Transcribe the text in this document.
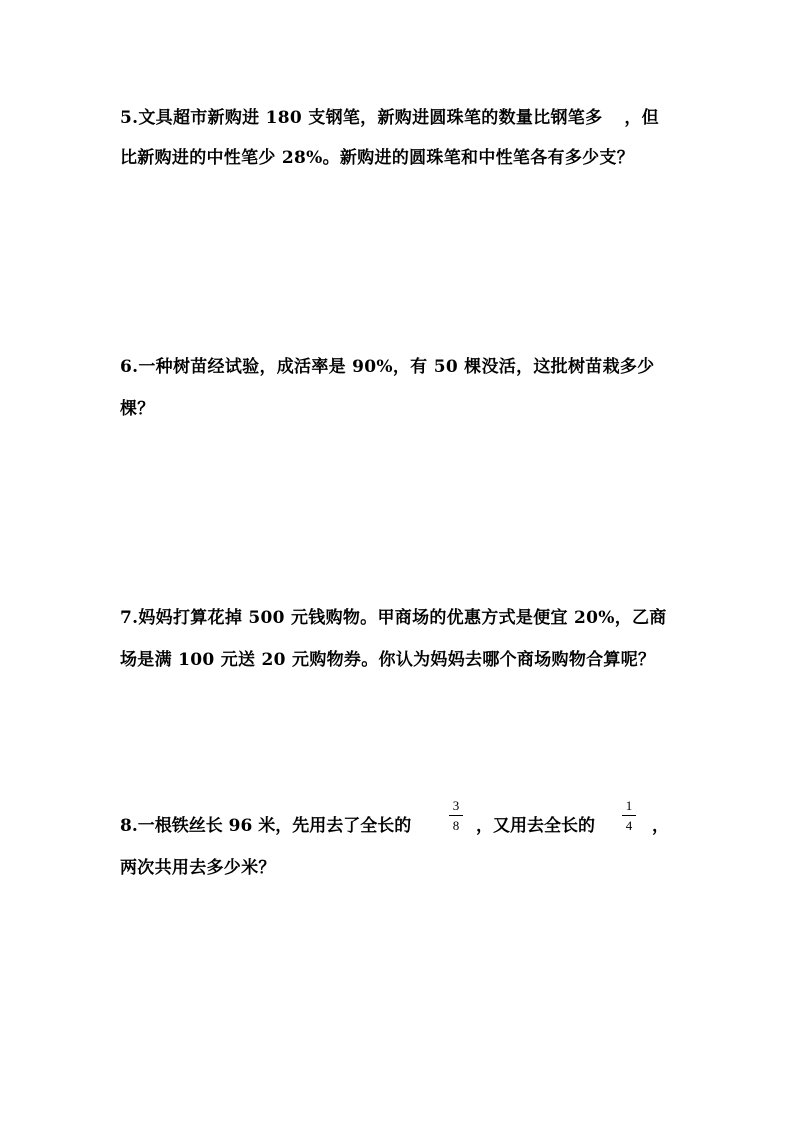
5.文具超市新购进 180 支钢笔，新购进圆珠笔的数量比钢笔多 ，但
比新购进的中性笔少 28%。新购进的圆珠笔和中性笔各有多少支？
6.一种树苗经试验，成活率是 90%，有 50 棵没活，这批树苗栽多少
棵？
7.妈妈打算花掉 500 元钱购物。甲商场的优惠方式是便宜 20%，乙商
场是满 100 元送 20 元购物券。你认为妈妈去哪个商场购物合算呢？
8.一根铁丝长 96 米，先用去了全长的
3
8 ，又用去全长的
1
4 ，
两次共用去多少米？
